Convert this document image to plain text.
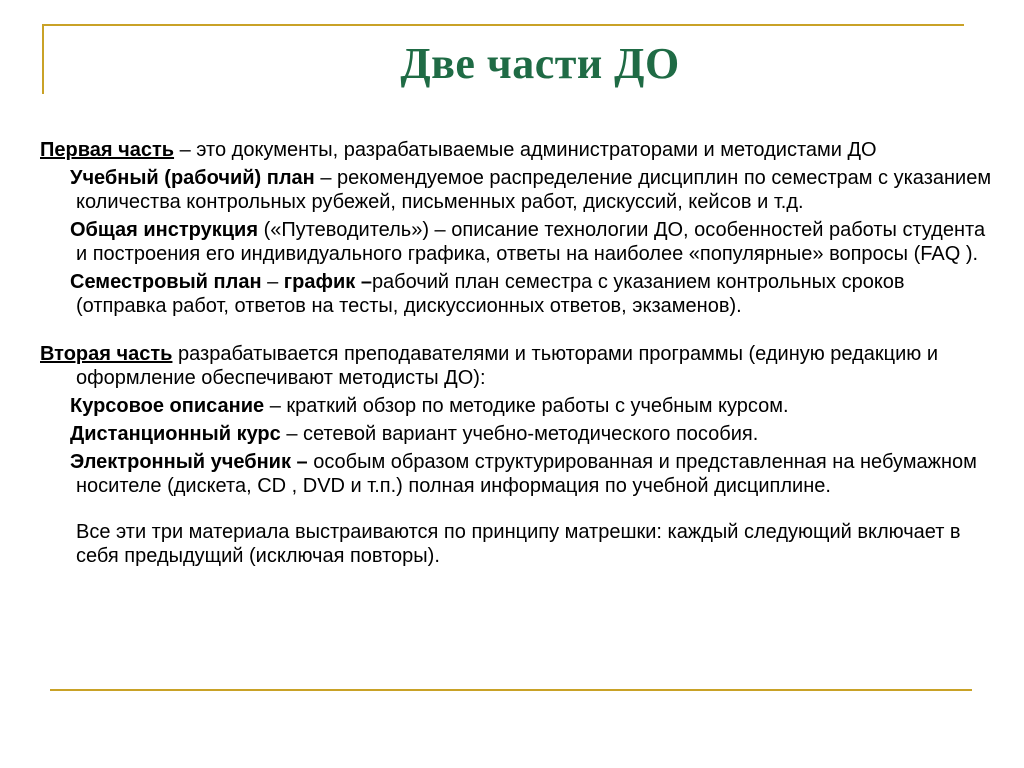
Две части ДО

Первая часть – это документы, разрабатываемые администраторами и методистами ДО

Учебный (рабочий) план – рекомендуемое распределение дисциплин по семестрам с указанием количества контрольных рубежей, письменных работ, дискуссий, кейсов и т.д.

Общая инструкция («Путеводитель») – описание технологии ДО, особенностей работы студента и построения его индивидуального графика, ответы на наиболее «популярные» вопросы (FAQ ).

Семестровый план – график –рабочий план семестра с указанием контрольных сроков (отправка работ, ответов на тесты, дискуссионных ответов, экзаменов).

Вторая часть разрабатывается преподавателями и тьюторами программы (единую редакцию и оформление обеспечивают методисты ДО):

Курсовое описание – краткий обзор по методике работы с учебным курсом.

Дистанционный курс – сетевой вариант учебно-методического пособия.

Электронный учебник – особым образом структурированная и представленная на небумажном носителе (дискета, CD , DVD и т.п.) полная информация по учебной дисциплине.

Все эти три материала выстраиваются по принципу матрешки: каждый следующий включает в себя предыдущий (исключая повторы).
